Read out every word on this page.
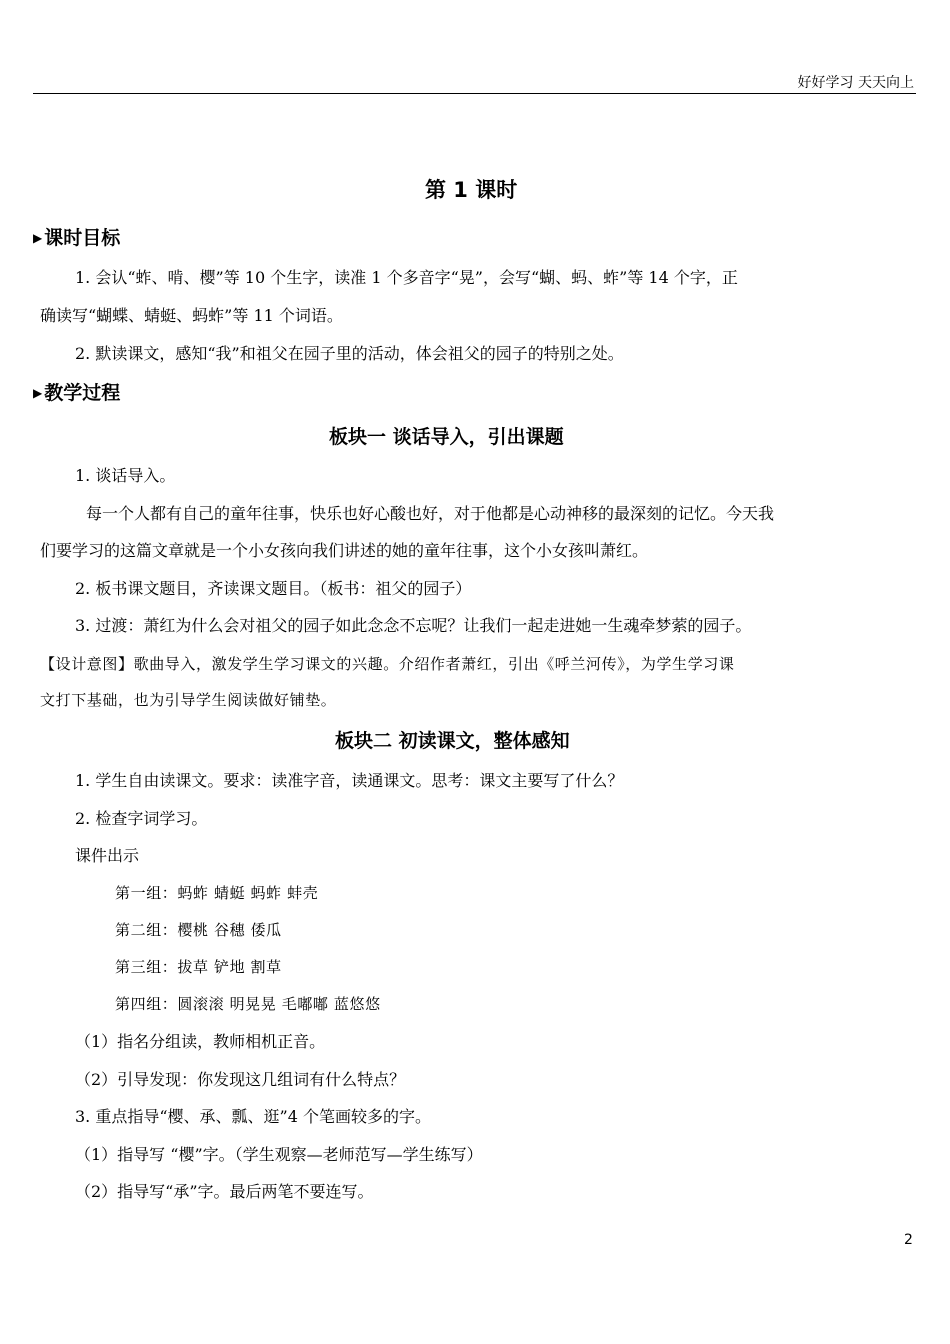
好好学习 天天向上
第 1 课时
▶ 课时目标
1. 会认“蚱、啃、樱”等 10 个生字，读准 1 个多音字“晃”，会写“蝴、蚂、蚱”等 14 个字，正
确读写“蝴蝶、蜻蜓、蚂蚱”等 11 个词语。
2. 默读课文，感知“我”和祖父在园子里的活动，体会祖父的园子的特别之处。
▶ 教学过程
板块一 谈话导入，引出课题
1. 谈话导入。
每一个人都有自己的童年往事，快乐也好心酸也好，对于他都是心动神移的最深刻的记忆。今天我
们要学习的这篇文章就是一个小女孩向我们讲述的她的童年往事，这个小女孩叫萧红。
2. 板书课文题目，齐读课文题目。（板书：祖父的园子）
3. 过渡：萧红为什么会对祖父的园子如此念念不忘呢？让我们一起走进她一生魂牵梦萦的园子。
【设计意图】歌曲导入，激发学生学习课文的兴趣。介绍作者萧红，引出《呼兰河传》，为学生学习课
文打下基础，也为引导学生阅读做好铺垫。
板块二 初读课文，整体感知
1. 学生自由读课文。要求：读准字音，读通课文。思考：课文主要写了什么？
2. 检查字词学习。
课件出示
第一组：蚂蚱 蜻蜓 蚂蚱 蚌壳
第二组：樱桃 谷穗 倭瓜
第三组：拔草 铲地 割草
第四组：圆滚滚 明晃晃 毛嘟嘟 蓝悠悠
（1）指名分组读，教师相机正音。
（2）引导发现：你发现这几组词有什么特点？
3. 重点指导“樱、承、瓢、逛”4 个笔画较多的字。
（1）指导写 “樱”字。（学生观察—老师范写—学生练写）
（2）指导写“承”字。最后两笔不要连写。
2
